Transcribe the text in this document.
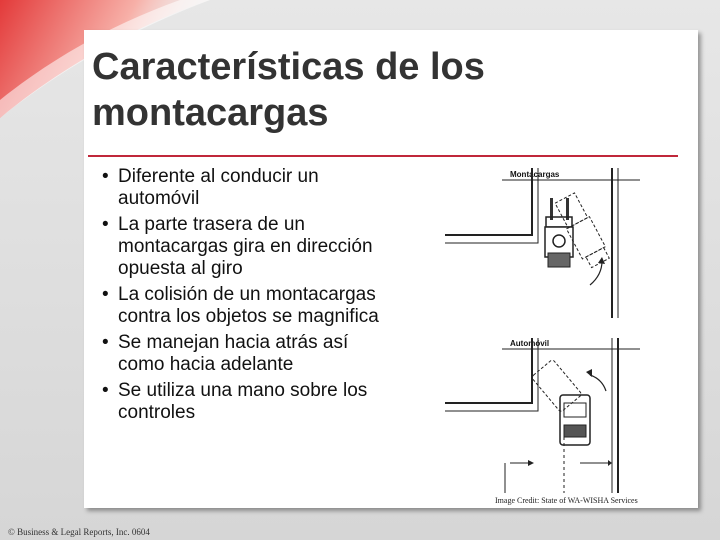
Características de los
montacargas
• Diferente al conducir un automóvil
• La parte trasera de un montacargas gira en dirección opuesta al giro
• La colisión de un montacargas contra los objetos se magnifica
• Se manejan hacia atrás así como hacia adelante
• Se utiliza una mano sobre los controles
Montacargas
Automóvil
Image Credit: State of WA-WISHA Services
© Business & Legal Reports, Inc. 0604
